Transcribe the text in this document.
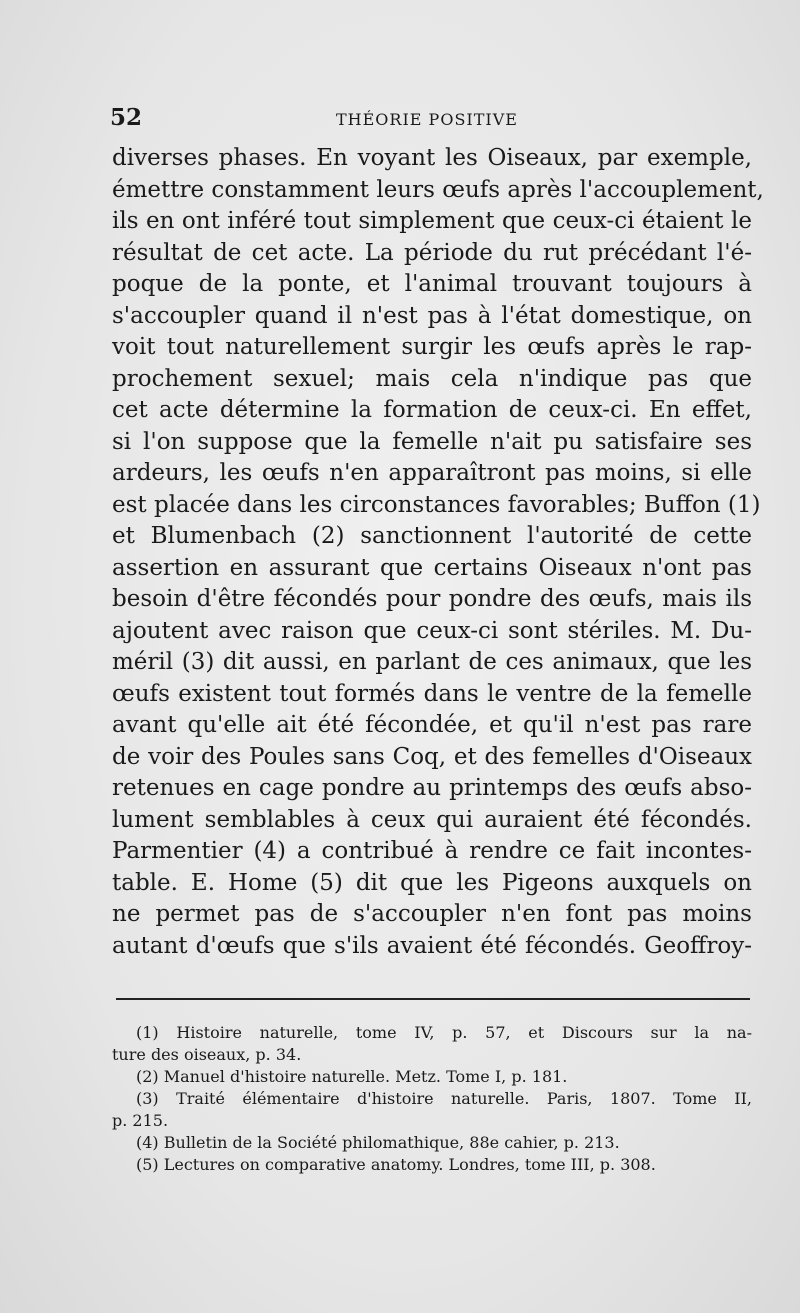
52	THÉORIE POSITIVE
diverses phases. En voyant les Oiseaux, par exemple,
émettre constamment leurs œufs après l'accouplement,
ils en ont inféré tout simplement que ceux-ci étaient le
résultat de cet acte. La période du rut précédant l'é-
poque de la ponte, et l'animal trouvant toujours à
s'accoupler quand il n'est pas à l'état domestique, on
voit tout naturellement surgir les œufs après le rap-
prochement sexuel; mais cela n'indique pas que
cet acte détermine la formation de ceux-ci. En effet,
si l'on suppose que la femelle n'ait pu satisfaire ses
ardeurs, les œufs n'en apparaîtront pas moins, si elle
est placée dans les circonstances favorables; Buffon (1)
et Blumenbach (2) sanctionnent l'autorité de cette
assertion en assurant que certains Oiseaux n'ont pas
besoin d'être fécondés pour pondre des œufs, mais ils
ajoutent avec raison que ceux-ci sont stériles. M. Du-
méril (3) dit aussi, en parlant de ces animaux, que les
œufs existent tout formés dans le ventre de la femelle
avant qu'elle ait été fécondée, et qu'il n'est pas rare
de voir des Poules sans Coq, et des femelles d'Oiseaux
retenues en cage pondre au printemps des œufs abso-
lument semblables à ceux qui auraient été fécondés.
Parmentier (4) a contribué à rendre ce fait incontes-
table. E. Home (5) dit que les Pigeons auxquels on
ne permet pas de s'accoupler n'en font pas moins
autant d'œufs que s'ils avaient été fécondés. Geoffroy-
(1) Histoire naturelle, tome IV, p. 57, et Discours sur la na-
ture des oiseaux, p. 34.
(2) Manuel d'histoire naturelle. Metz. Tome I, p. 181.
(3) Traité élémentaire d'histoire naturelle. Paris, 1807. Tome II,
p. 215.
(4) Bulletin de la Société philomathique, 88e cahier, p. 213.
(5) Lectures on comparative anatomy. Londres, tome III, p. 308.
